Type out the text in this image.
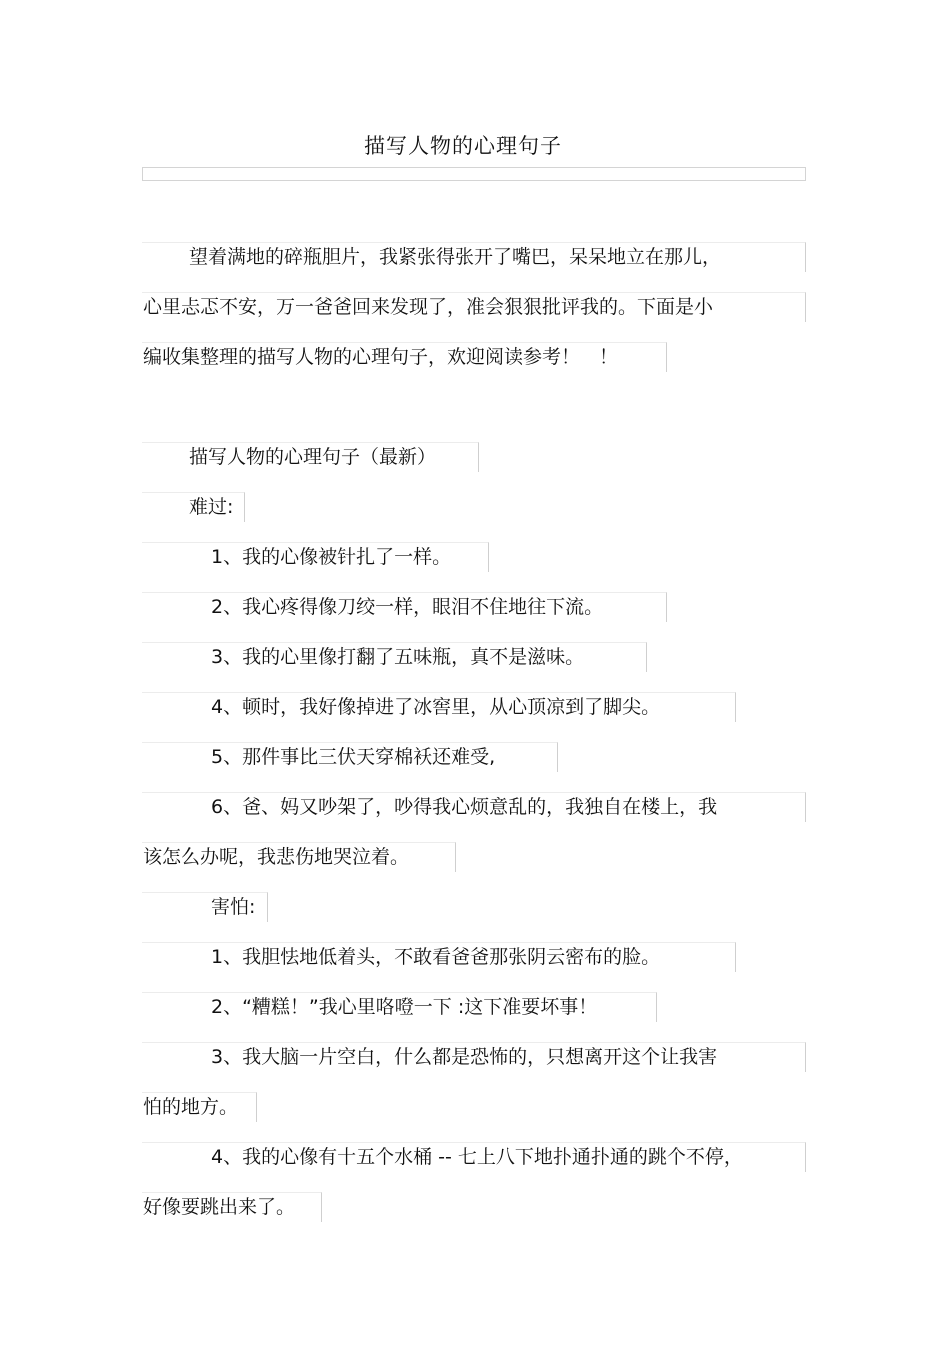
描写人物的心理句子
望着满地的碎瓶胆片，我紧张得张开了嘴巴，呆呆地立在那儿，
心里忐忑不安，万一爸爸回来发现了，准会狠狠批评我的。下面是小
编收集整理的描写人物的心理句子，欢迎阅读参考！　！
描写人物的心理句子（最新）
难过:
1、我的心像被针扎了一样。
2、我心疼得像刀绞一样，眼泪不住地往下流。
3、我的心里像打翻了五味瓶，真不是滋味。
4、顿时，我好像掉进了冰窖里，从心顶凉到了脚尖。
5、那件事比三伏天穿棉袄还难受,
6、爸、妈又吵架了，吵得我心烦意乱的，我独自在楼上，我
该怎么办呢，我悲伤地哭泣着。
害怕:
1、我胆怯地低着头，不敢看爸爸那张阴云密布的脸。
2、“糟糕！”我心里咯噔一下 :这下准要坏事！
3、我大脑一片空白，什么都是恐怖的，只想离开这个让我害
怕的地方。
4、我的心像有十五个水桶 -- 七上八下地扑通扑通的跳个不停，
好像要跳出来了。
